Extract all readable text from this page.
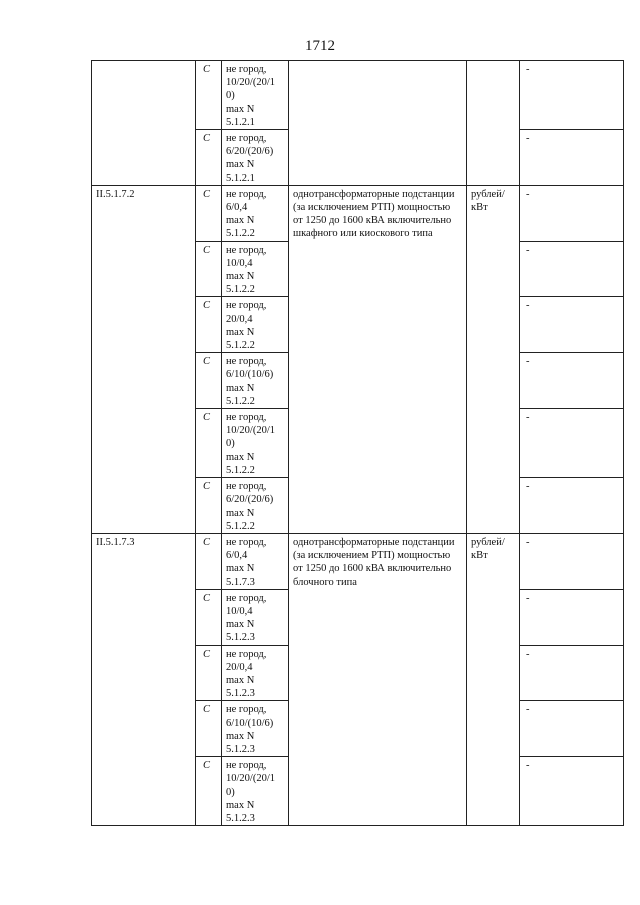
1712
	C	не город,
10/20/(20/1
0)
max N
5.1.2.1			-
	C	не город,
6/20/(20/6)
max N
5.1.2.1			-
II.5.1.7.2	C	не город,
6/0,4
max N
5.1.2.2	однотрансформаторные подстанции (за исключением РТП) мощностью от 1250 до 1600 кВА включительно шкафного или киоскового типа	рублей/ кВт	-
	C	не город,
10/0,4
max N
5.1.2.2			-
	C	не город,
20/0,4
max N
5.1.2.2			-
	C	не город,
6/10/(10/6)
max N
5.1.2.2			-
	C	не город,
10/20/(20/1
0)
max N
5.1.2.2			-
	C	не город,
6/20/(20/6)
max N
5.1.2.2			-
II.5.1.7.3	C	не город,
6/0,4
max N
5.1.7.3	однотрансформаторные подстанции (за исключением РТП) мощностью от 1250 до 1600 кВА включительно блочного типа	рублей/ кВт	-
	C	не город,
10/0,4
max N
5.1.2.3			-
	C	не город,
20/0,4
max N
5.1.2.3			-
	C	не город,
6/10/(10/6)
max N
5.1.2.3			-
	C	не город,
10/20/(20/1
0)
max N
5.1.2.3			-
